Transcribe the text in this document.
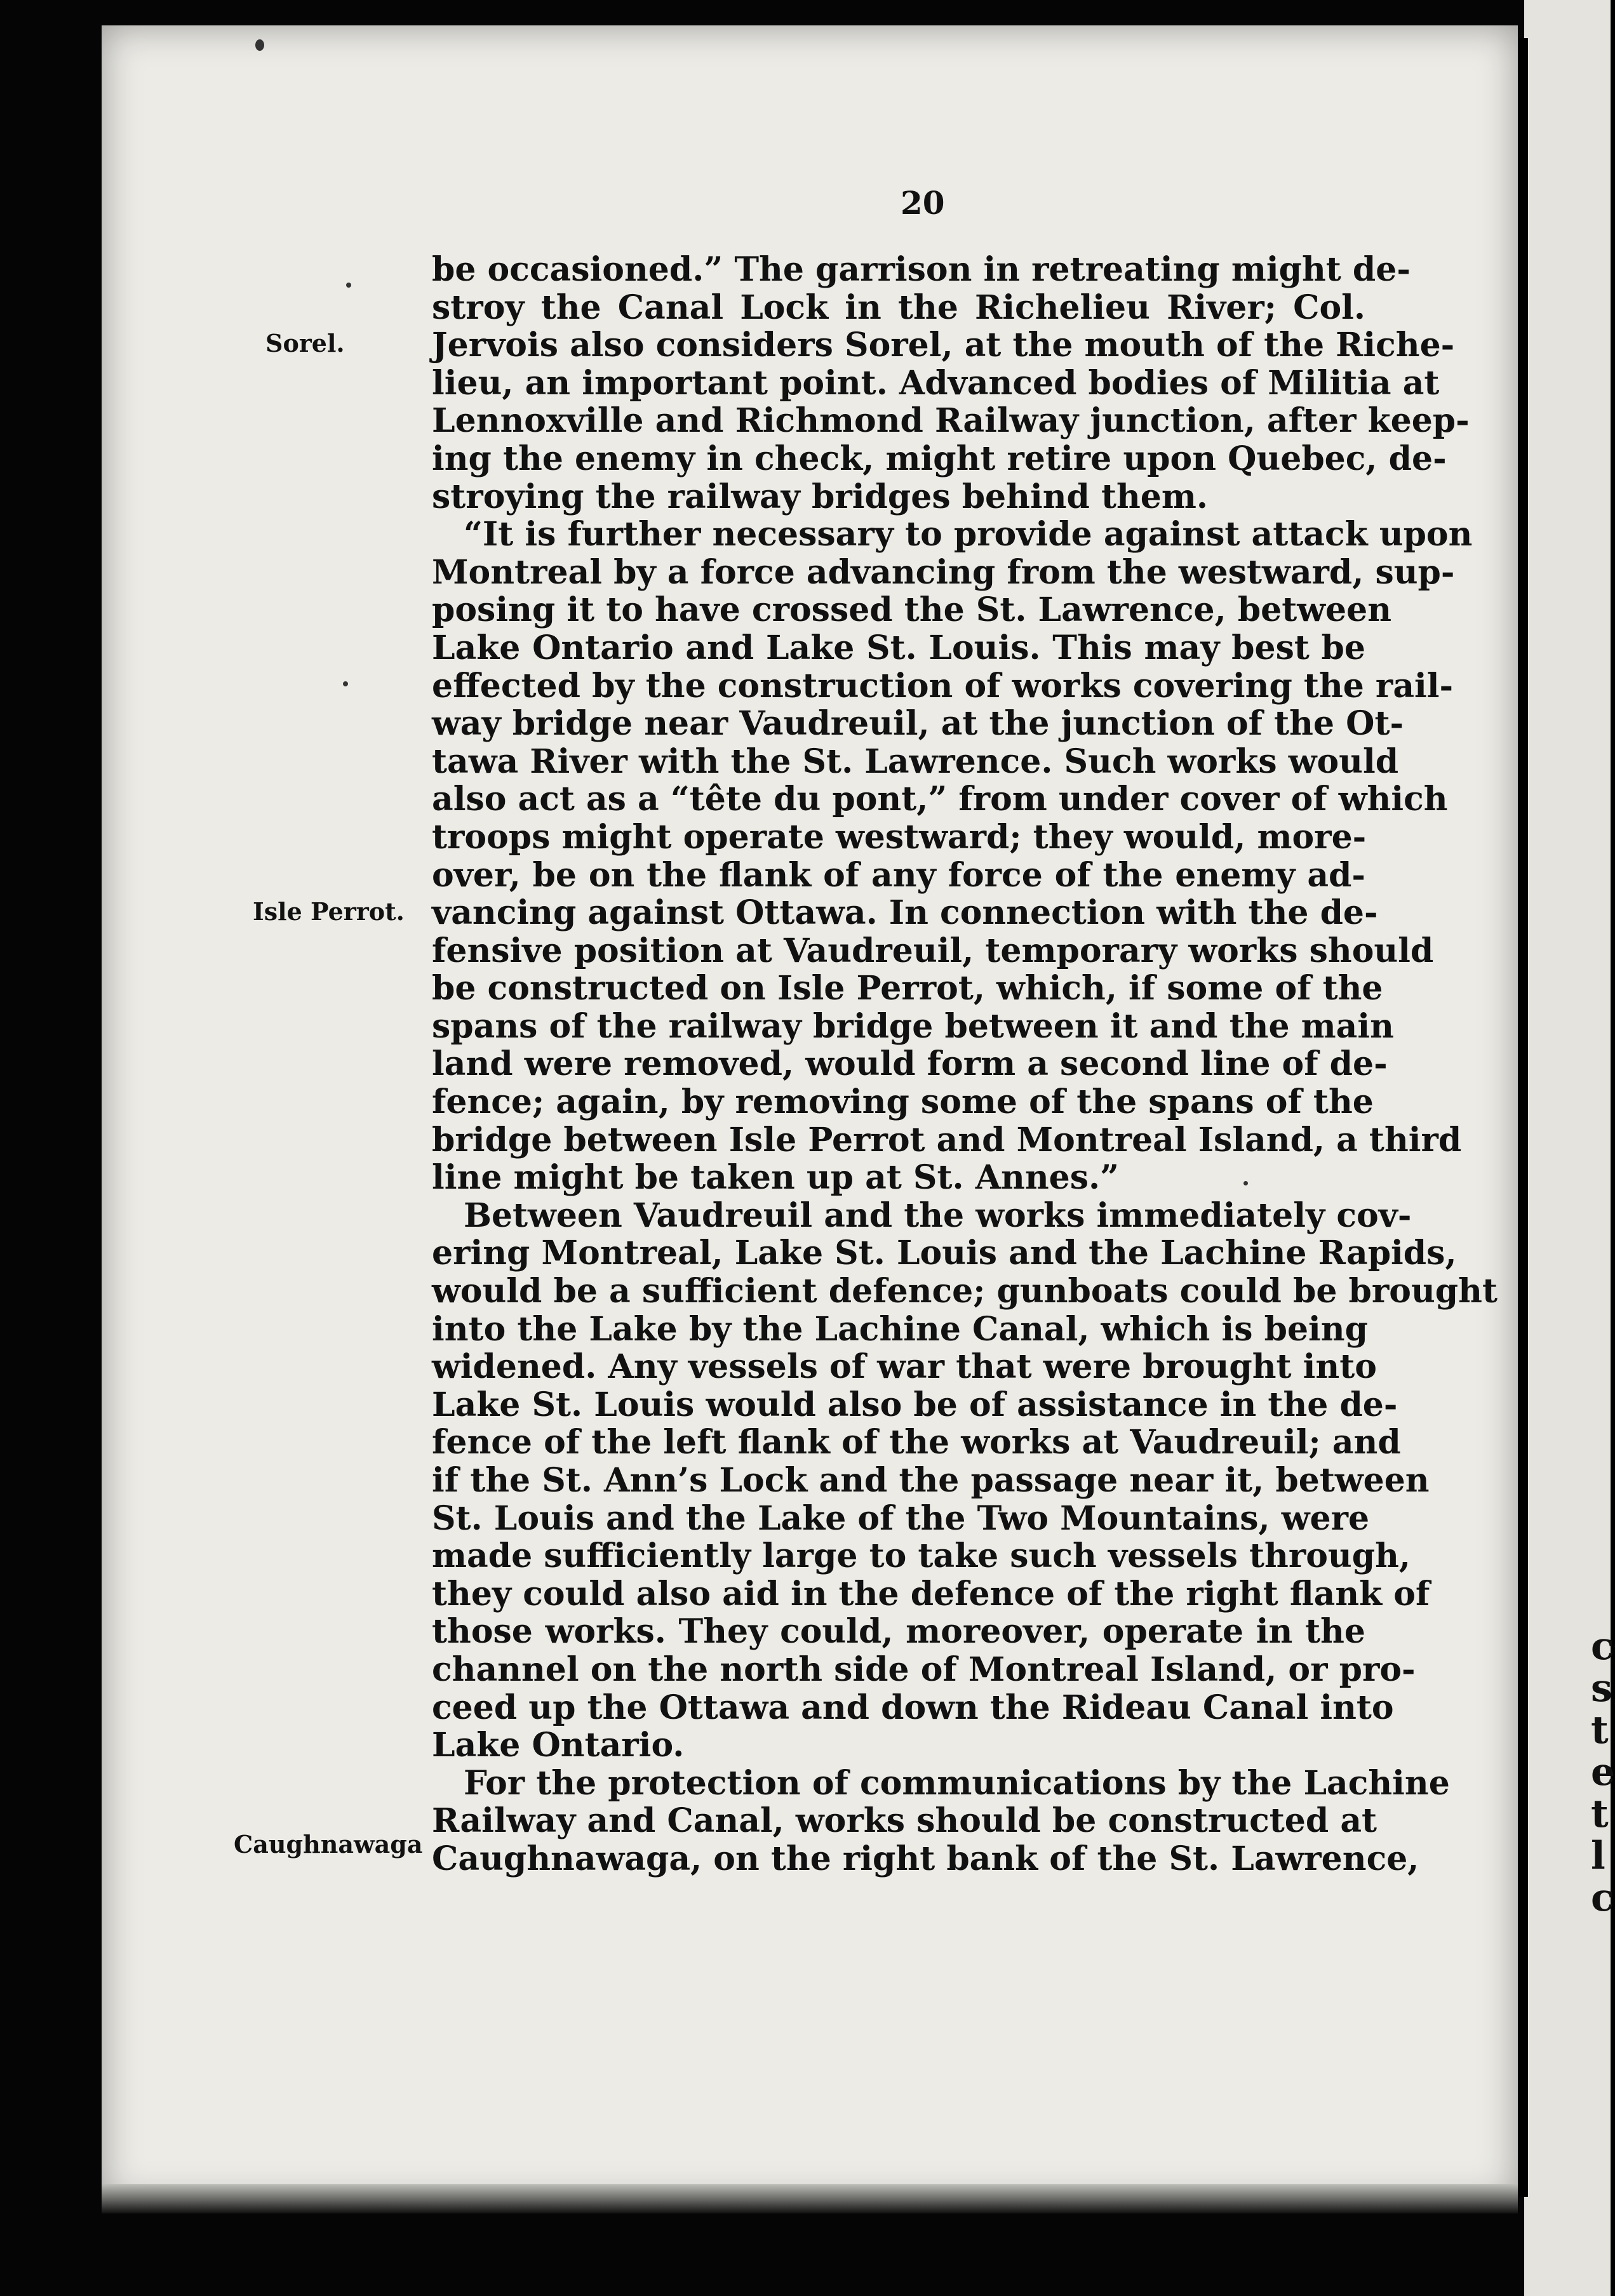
c
s
t
e
t
l
c
20
Sorel.
Isle Perrot.
Caughnawaga
be occasioned.” The garrison in retreating might de-
stroy the Canal Lock in the Richelieu River; Col.
Jervois also considers Sorel, at the mouth of the Riche-
lieu, an important point. Advanced bodies of Militia at
Lennoxville and Richmond Railway junction, after keep-
ing the enemy in check, might retire upon Quebec, de-
stroying the railway bridges behind them.
“It is further necessary to provide against attack upon
Montreal by a force advancing from the westward, sup-
posing it to have crossed the St. Lawrence, between
Lake Ontario and Lake St. Louis. This may best be
effected by the construction of works covering the rail-
way bridge near Vaudreuil, at the junction of the Ot-
tawa River with the St. Lawrence. Such works would
also act as a “tête du pont,” from under cover of which
troops might operate westward; they would, more-
over, be on the flank of any force of the enemy ad-
vancing against Ottawa. In connection with the de-
fensive position at Vaudreuil, temporary works should
be constructed on Isle Perrot, which, if some of the
spans of the railway bridge between it and the main
land were removed, would form a second line of de-
fence; again, by removing some of the spans of the
bridge between Isle Perrot and Montreal Island, a third
line might be taken up at St. Annes.”
Between Vaudreuil and the works immediately cov-
ering Montreal, Lake St. Louis and the Lachine Rapids,
would be a sufficient defence; gunboats could be brought
into the Lake by the Lachine Canal, which is being
widened. Any vessels of war that were brought into
Lake St. Louis would also be of assistance in the de-
fence of the left flank of the works at Vaudreuil; and
if the St. Ann’s Lock and the passage near it, between
St. Louis and the Lake of the Two Mountains, were
made sufficiently large to take such vessels through,
they could also aid in the defence of the right flank of
those works. They could, moreover, operate in the
channel on the north side of Montreal Island, or pro-
ceed up the Ottawa and down the Rideau Canal into
Lake Ontario.
For the protection of communications by the Lachine
Railway and Canal, works should be constructed at
Caughnawaga, on the right bank of the St. Lawrence,
